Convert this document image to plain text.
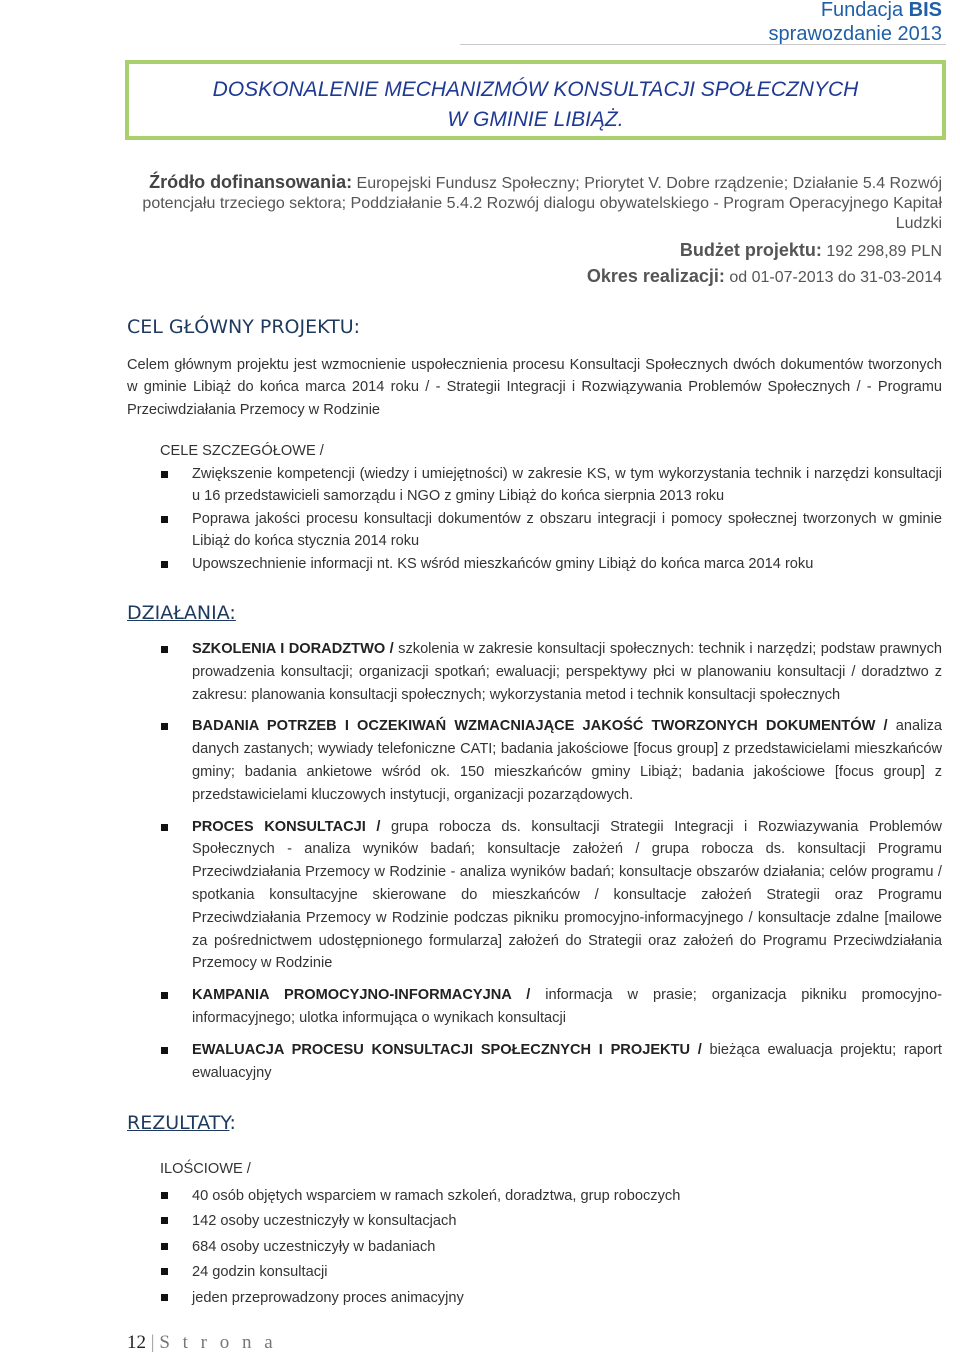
Fundacja BIS
sprawozdanie 2013
DOSKONALENIE MECHANIZMÓW KONSULTACJI SPOŁECZNYCH
W GMINIE LIBIĄŻ.
Źródło dofinansowania: Europejski Fundusz Społeczny; Priorytet V. Dobre rządzenie; Działanie 5.4 Rozwój potencjału trzeciego sektora; Poddziałanie 5.4.2 Rozwój dialogu obywatelskiego - Program Operacyjnego Kapitał Ludzki
Budżet projektu: 192 298,89 PLN
Okres realizacji: od 01-07-2013 do 31-03-2014
CEL GŁÓWNY PROJEKTU:
Celem głównym projektu jest wzmocnienie uspołecznienia procesu Konsultacji Społecznych dwóch dokumentów tworzonych w gminie Libiąż do końca marca 2014 roku / - Strategii Integracji i Rozwiązywania Problemów Społecznych / - Programu Przeciwdziałania Przemocy w Rodzinie
CELE SZCZEGÓŁOWE /
Zwiększenie kompetencji (wiedzy i umiejętności) w zakresie KS, w tym wykorzystania technik i narzędzi konsultacji u 16 przedstawicieli samorządu i NGO z gminy Libiąż do końca sierpnia 2013 roku
Poprawa jakości procesu konsultacji dokumentów z obszaru integracji i pomocy społecznej tworzonych w gminie Libiąż do końca stycznia 2014 roku
Upowszechnienie informacji nt. KS wśród mieszkańców gminy Libiąż do końca marca 2014 roku
DZIAŁANIA:
SZKOLENIA I DORADZTWO / szkolenia w zakresie konsultacji społecznych: technik i narzędzi; podstaw prawnych prowadzenia konsultacji; organizacji spotkań; ewaluacji; perspektywy płci w planowaniu konsultacji / doradztwo z zakresu: planowania konsultacji społecznych; wykorzystania metod i technik konsultacji społecznych
BADANIA POTRZEB I OCZEKIWAŃ WZMACNIAJĄCE JAKOŚĆ TWORZONYCH DOKUMENTÓW / analiza danych zastanych; wywiady telefoniczne CATI; badania jakościowe [focus group] z przedstawicielami mieszkańców gminy; badania ankietowe wśród ok. 150 mieszkańców gminy Libiąż; badania jakościowe [focus group] z przedstawicielami kluczowych instytucji, organizacji pozarządowych.
PROCES KONSULTACJI / grupa robocza ds. konsultacji Strategii Integracji i Rozwiazywania Problemów Społecznych - analiza wyników badań; konsultacje założeń / grupa robocza ds. konsultacji Programu Przeciwdziałania Przemocy w Rodzinie - analiza wyników badań; konsultacje obszarów działania; celów programu / spotkania konsultacyjne skierowane do mieszkańców / konsultacje założeń Strategii oraz Programu Przeciwdziałania Przemocy w Rodzinie podczas pikniku promocyjno-informacyjnego / konsultacje zdalne [mailowe za pośrednictwem udostępnionego formularza] założeń do Strategii oraz założeń do Programu Przeciwdziałania Przemocy w Rodzinie
KAMPANIA PROMOCYJNO-INFORMACYJNA / informacja w prasie; organizacja pikniku promocyjno-informacyjnego; ulotka informująca o wynikach konsultacji
EWALUACJA PROCESU KONSULTACJI SPOŁECZNYCH I PROJEKTU / bieżąca ewaluacja projektu; raport ewaluacyjny
REZULTATY:
ILOŚCIOWE /
40 osób objętych wsparciem w ramach szkoleń, doradztwa, grup roboczych
142 osoby uczestniczyły w konsultacjach
684 osoby uczestniczyły w badaniach
24 godzin konsultacji
jeden przeprowadzony proces animacyjny
12 | S t r o n a
